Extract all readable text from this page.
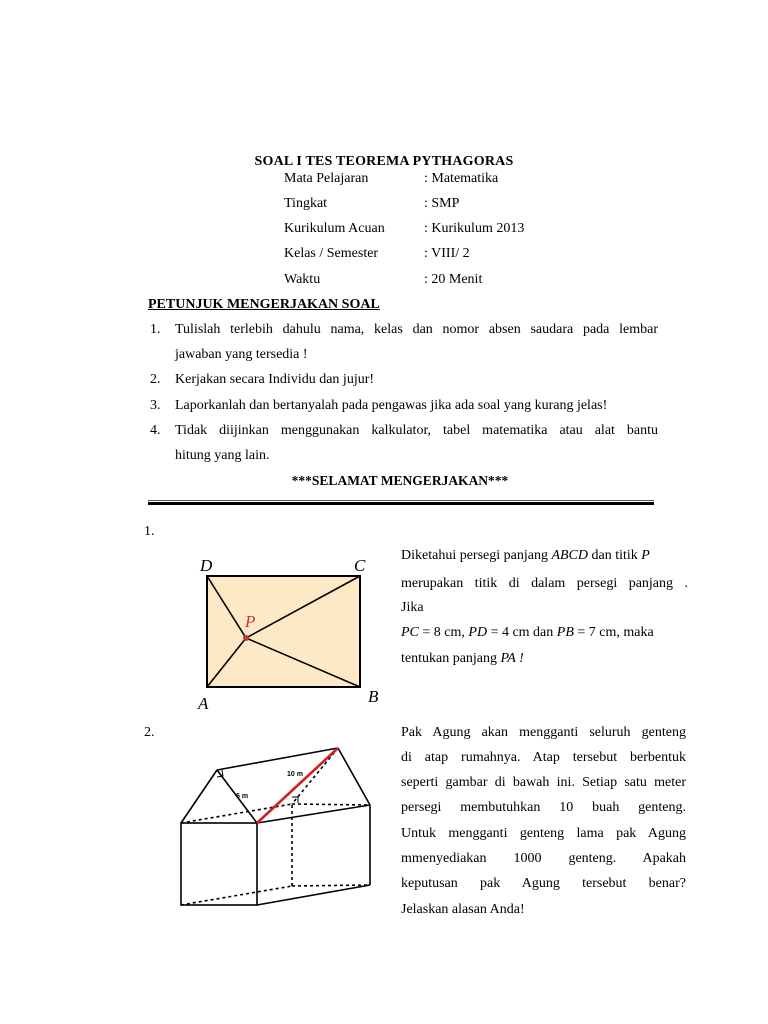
SOAL I TES TEOREMA PYTHAGORAS
Mata Pelajaran	: Matematika
Tingkat	: SMP
Kurikulum Acuan	: Kurikulum 2013
Kelas / Semester	: VIII/ 2
Waktu	: 20 Menit
PETUNJUK MENGERJAKAN SOAL
1. Tulislah terlebih dahulu nama, kelas dan nomor absen saudara pada lembar
jawaban yang tersedia !
2. Kerjakan secara Individu dan jujur!
3. Laporkanlah dan bertanyalah pada pengawas jika ada soal yang kurang jelas!
4. Tidak diijinkan menggunakan kalkulator, tabel matematika atau alat bantu
hitung yang lain.
***SELAMAT MENGERJAKAN***
1.
D	C
A	B
P
Diketahui persegi panjang ABCD dan titik P
merupakan titik di dalam persegi panjang .
Jika
PC = 8 cm, PD = 4 cm dan PB = 7 cm, maka
tentukan panjang PA !
2.
10 m
6 m
Pak Agung akan mengganti seluruh genteng
di atap rumahnya. Atap tersebut berbentuk
seperti gambar di bawah ini. Setiap satu meter
persegi membutuhkan 10 buah genteng.
Untuk mengganti genteng lama pak Agung
mmenyediakan 1000 genteng. Apakah
keputusan pak Agung tersebut benar?
Jelaskan alasan Anda!
